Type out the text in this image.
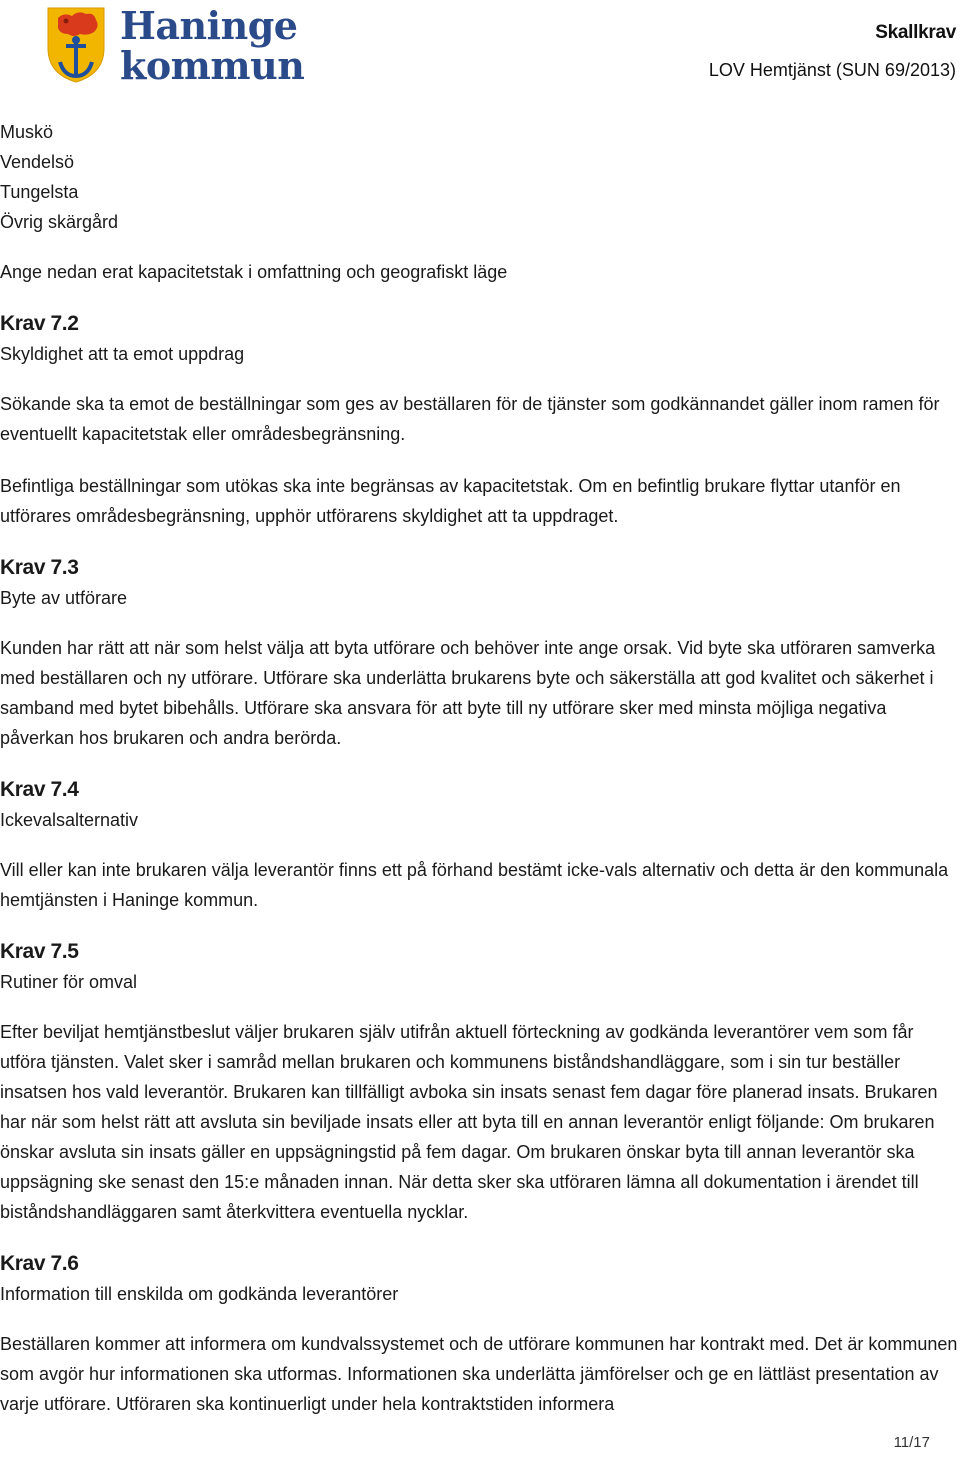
Haninge
kommun
Skallkrav
LOV Hemtjänst (SUN 69/2013)
Muskö
Vendelsö
Tungelsta
Övrig skärgård

Ange nedan erat kapacitetstak i omfattning och geografiskt läge

Krav 7.2

Skyldighet att ta emot uppdrag

Sökande ska ta emot de beställningar som ges av beställaren för de tjänster som godkännandet gäller inom ramen för eventuellt kapacitetstak eller områdesbegränsning.

Befintliga beställningar som utökas ska inte begränsas av kapacitetstak. Om en befintlig brukare flyttar utanför en utförares områdesbegränsning, upphör utförarens skyldighet att ta uppdraget.

Krav 7.3

Byte av utförare

Kunden har rätt att när som helst välja att byta utförare och behöver inte ange orsak. Vid byte ska utföraren samverka med beställaren och ny utförare. Utförare ska underlätta brukarens byte och säkerställa att god kvalitet och säkerhet i samband med bytet bibehålls. Utförare ska ansvara för att byte till ny utförare sker med minsta möjliga negativa påverkan hos brukaren och andra berörda.

Krav 7.4

Ickevalsalternativ

Vill eller kan inte brukaren välja leverantör finns ett på förhand bestämt icke-vals alternativ och detta är den kommunala hemtjänsten i Haninge kommun.

Krav 7.5

Rutiner för omval

Efter beviljat hemtjänstbeslut väljer brukaren själv utifrån aktuell förteckning av godkända leverantörer vem som får utföra tjänsten. Valet sker i samråd mellan brukaren och kommunens biståndshandläggare, som i sin tur beställer insatsen hos vald leverantör. Brukaren kan tillfälligt avboka sin insats senast fem dagar före planerad insats. Brukaren har när som helst rätt att avsluta sin beviljade insats eller att byta till en annan leverantör enligt följande: Om brukaren önskar avsluta sin insats gäller en uppsägningstid på fem dagar. Om brukaren önskar byta till annan leverantör ska uppsägning ske senast den 15:e månaden innan. När detta sker ska utföraren lämna all dokumentation i ärendet till biståndshandläggaren samt återkvittera eventuella nycklar.

Krav 7.6

Information till enskilda om godkända leverantörer

Beställaren kommer att informera om kundvalssystemet och de utförare kommunen har kontrakt med. Det är kommunen som avgör hur informationen ska utformas. Informationen ska underlätta jämförelser och ge en lättläst presentation av varje utförare. Utföraren ska kontinuerligt under hela kontraktstiden informera

11/17
